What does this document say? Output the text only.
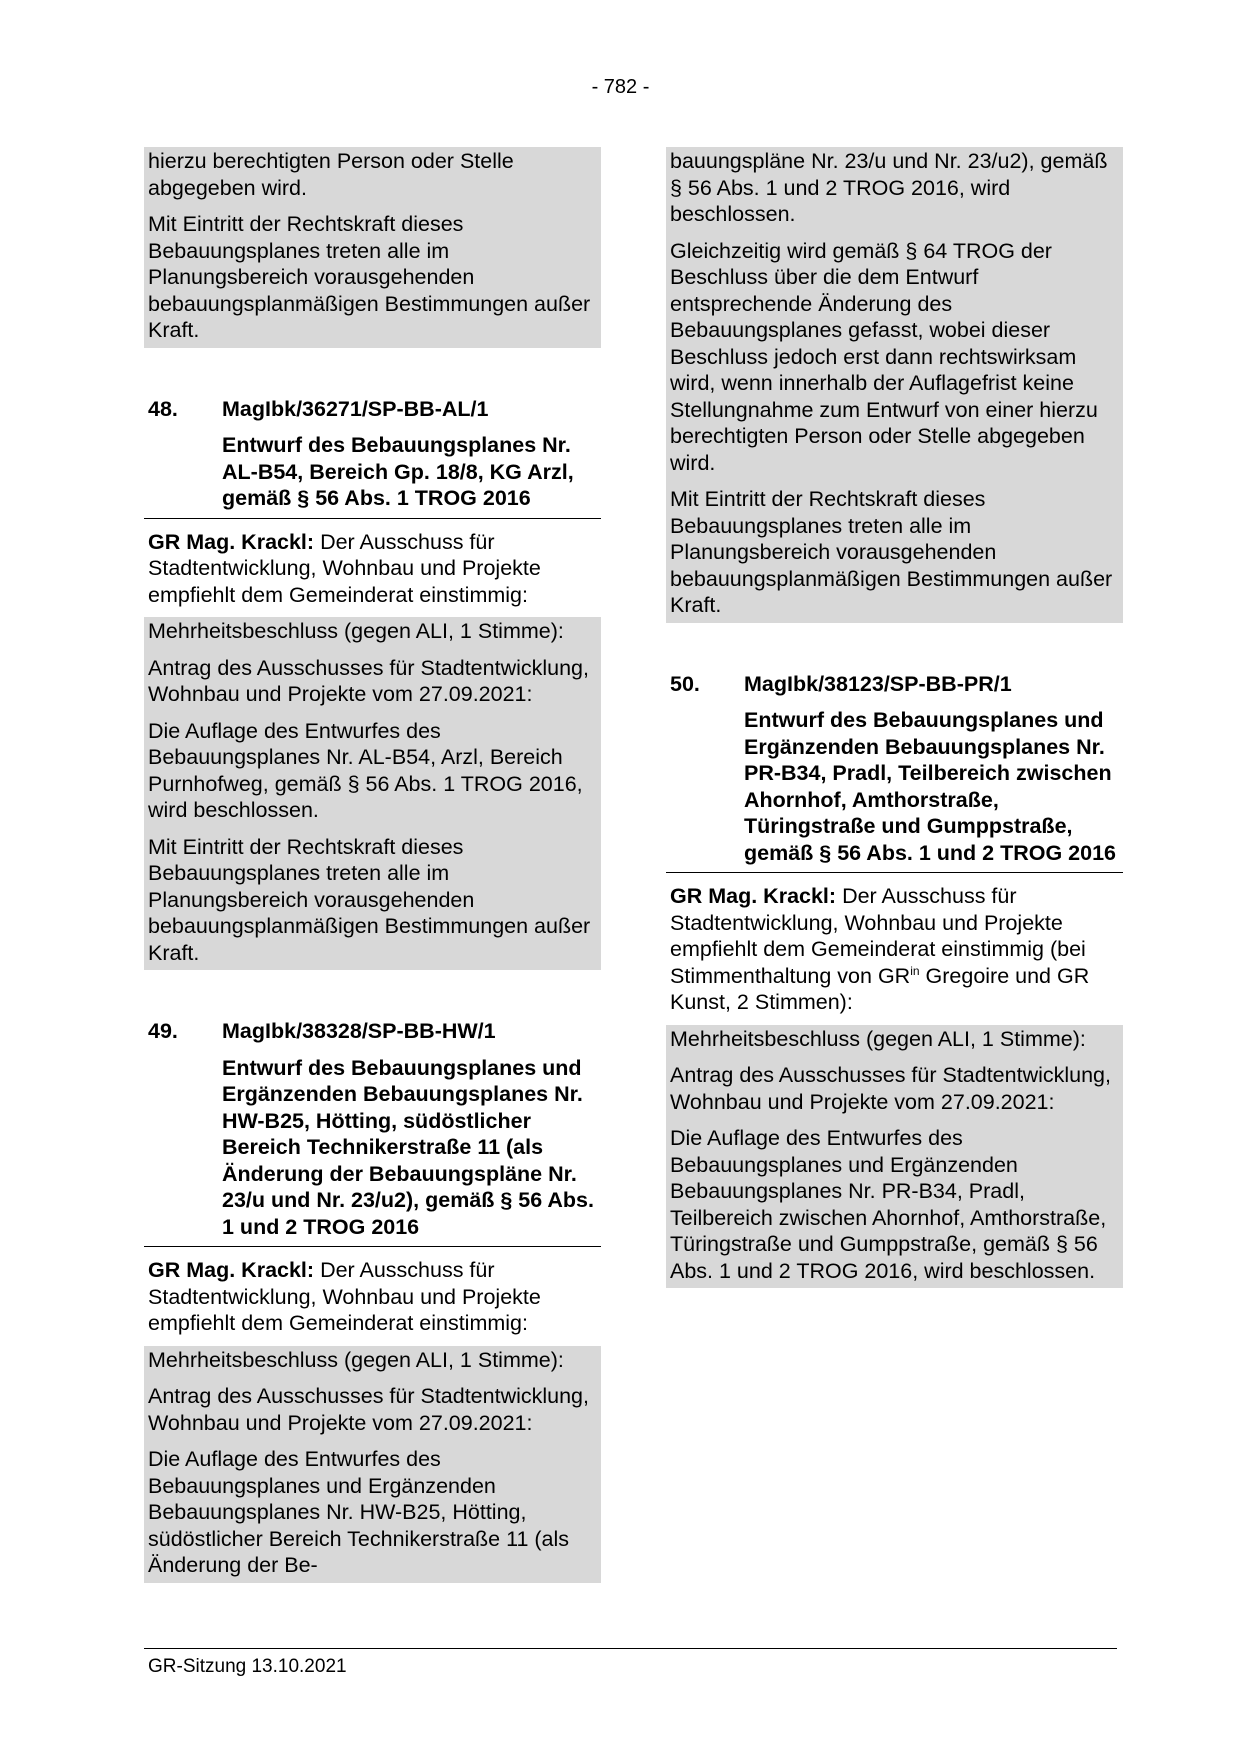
- 782 -

hierzu berechtigten Person oder Stelle abgegeben wird.

Mit Eintritt der Rechtskraft dieses Bebauungsplanes treten alle im Planungsbereich vorausgehenden bebauungsplanmäßigen Bestimmungen außer Kraft.

48.	MagIbk/36271/SP-BB-AL/1
Entwurf des Bebauungsplanes Nr. AL-B54, Bereich Gp. 18/8, KG Arzl, gemäß § 56 Abs. 1 TROG 2016

GR Mag. Krackl: Der Ausschuss für Stadtentwicklung, Wohnbau und Projekte empfiehlt dem Gemeinderat einstimmig:

Mehrheitsbeschluss (gegen ALI, 1 Stimme):

Antrag des Ausschusses für Stadtentwicklung, Wohnbau und Projekte vom 27.09.2021:

Die Auflage des Entwurfes des Bebauungsplanes Nr. AL-B54, Arzl, Bereich Purnhofweg, gemäß § 56 Abs. 1 TROG 2016, wird beschlossen.

Mit Eintritt der Rechtskraft dieses Bebauungsplanes treten alle im Planungsbereich vorausgehenden bebauungsplanmäßigen Bestimmungen außer Kraft.

49.	MagIbk/38328/SP-BB-HW/1
Entwurf des Bebauungsplanes und Ergänzenden Bebauungsplanes Nr. HW-B25, Hötting, südöstlicher Bereich Technikerstraße 11 (als Änderung der Bebauungspläne Nr. 23/u und Nr. 23/u2), gemäß § 56 Abs. 1 und 2 TROG 2016

GR Mag. Krackl: Der Ausschuss für Stadtentwicklung, Wohnbau und Projekte empfiehlt dem Gemeinderat einstimmig:

Mehrheitsbeschluss (gegen ALI, 1 Stimme):

Antrag des Ausschusses für Stadtentwicklung, Wohnbau und Projekte vom 27.09.2021:

Die Auflage des Entwurfes des Bebauungsplanes und Ergänzenden Bebauungsplanes Nr. HW-B25, Hötting, südöstlicher Bereich Technikerstraße 11 (als Änderung der Be-

bauungspläne Nr. 23/u und Nr. 23/u2), gemäß § 56 Abs. 1 und 2 TROG 2016, wird beschlossen.

Gleichzeitig wird gemäß § 64 TROG der Beschluss über die dem Entwurf entsprechende Änderung des Bebauungsplanes gefasst, wobei dieser Beschluss jedoch erst dann rechtswirksam wird, wenn innerhalb der Auflagefrist keine Stellungnahme zum Entwurf von einer hierzu berechtigten Person oder Stelle abgegeben wird.

Mit Eintritt der Rechtskraft dieses Bebauungsplanes treten alle im Planungsbereich vorausgehenden bebauungsplanmäßigen Bestimmungen außer Kraft.

50.	MagIbk/38123/SP-BB-PR/1
Entwurf des Bebauungsplanes und Ergänzenden Bebauungsplanes Nr. PR-B34, Pradl, Teilbereich zwischen Ahornhof, Amthorstraße, Türingstraße und Gumppstraße, gemäß § 56 Abs. 1 und 2 TROG 2016

GR Mag. Krackl: Der Ausschuss für Stadtentwicklung, Wohnbau und Projekte empfiehlt dem Gemeinderat einstimmig (bei Stimmenthaltung von $GR^{in}$ Gregoire und GR Kunst, 2 Stimmen):

Mehrheitsbeschluss (gegen ALI, 1 Stimme):

Antrag des Ausschusses für Stadtentwicklung, Wohnbau und Projekte vom 27.09.2021:

Die Auflage des Entwurfes des Bebauungsplanes und Ergänzenden Bebauungsplanes Nr. PR-B34, Pradl, Teilbereich zwischen Ahornhof, Amthorstraße, Türingstraße und Gumppstraße, gemäß § 56 Abs. 1 und 2 TROG 2016, wird beschlossen.

GR-Sitzung 13.10.2021
